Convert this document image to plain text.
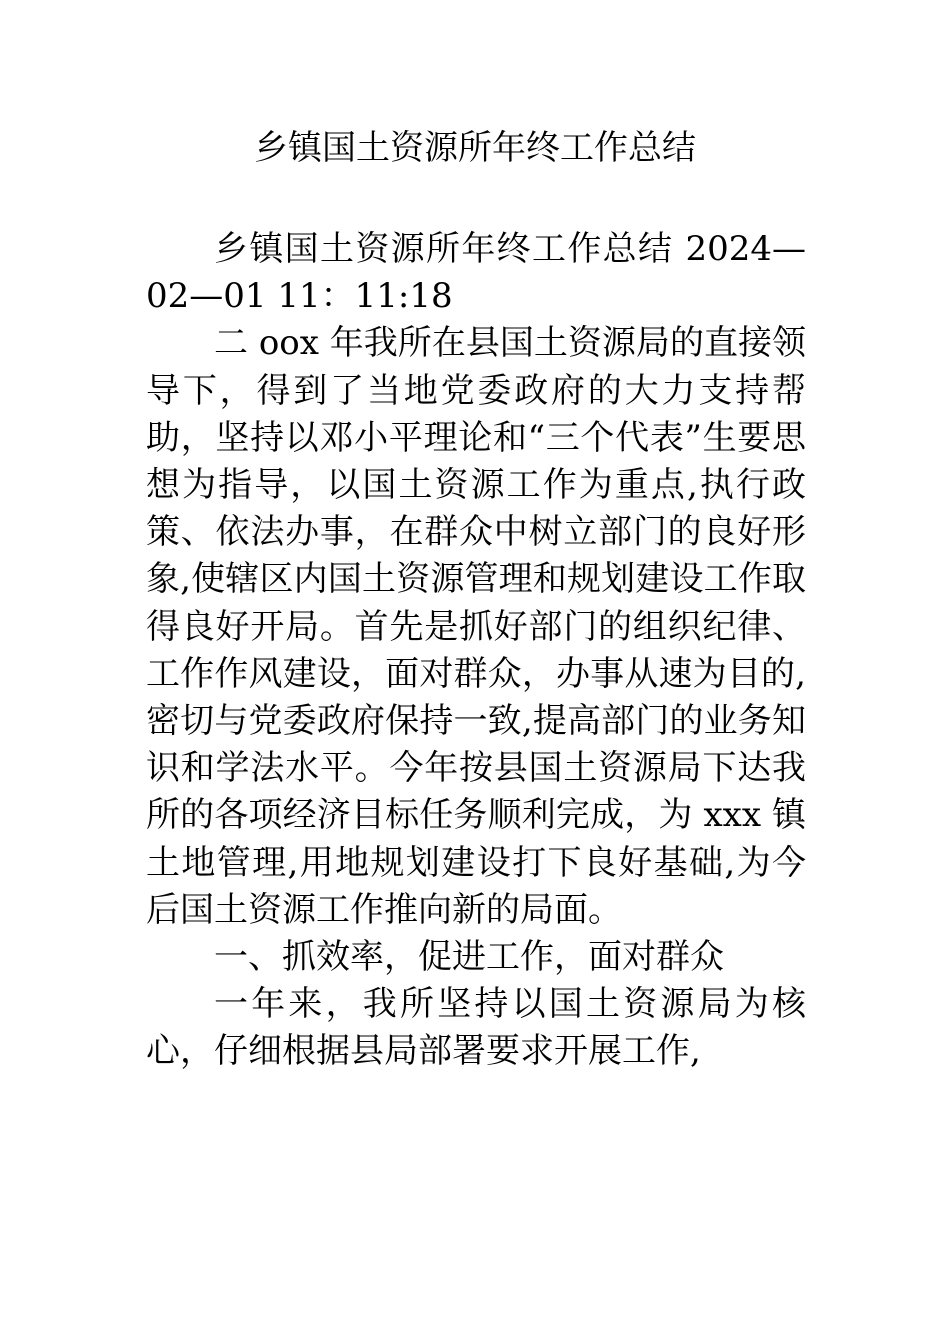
乡镇国土资源所年终工作总结

乡镇国土资源所年终工作总结 2024—02—01 11：11:18

二 oox 年我所在县国土资源局的直接领导下，得到了当地党委政府的大力支持帮助，坚持以邓小平理论和“三个代表”生要思想为指导，以国土资源工作为重点,执行政策、依法办事，在群众中树立部门的良好形象,使辖区内国土资源管理和规划建设工作取得良好开局。首先是抓好部门的组织纪律、工作作风建设，面对群众，办事从速为目的,密切与党委政府保持一致,提高部门的业务知识和学法水平。今年按县国土资源局下达我所的各项经济目标任务顺利完成，为 xxx 镇土地管理,用地规划建设打下良好基础,为今后国土资源工作推向新的局面。

一、抓效率，促进工作，面对群众

一年来，我所坚持以国土资源局为核心，仔细根据县局部署要求开展工作,
